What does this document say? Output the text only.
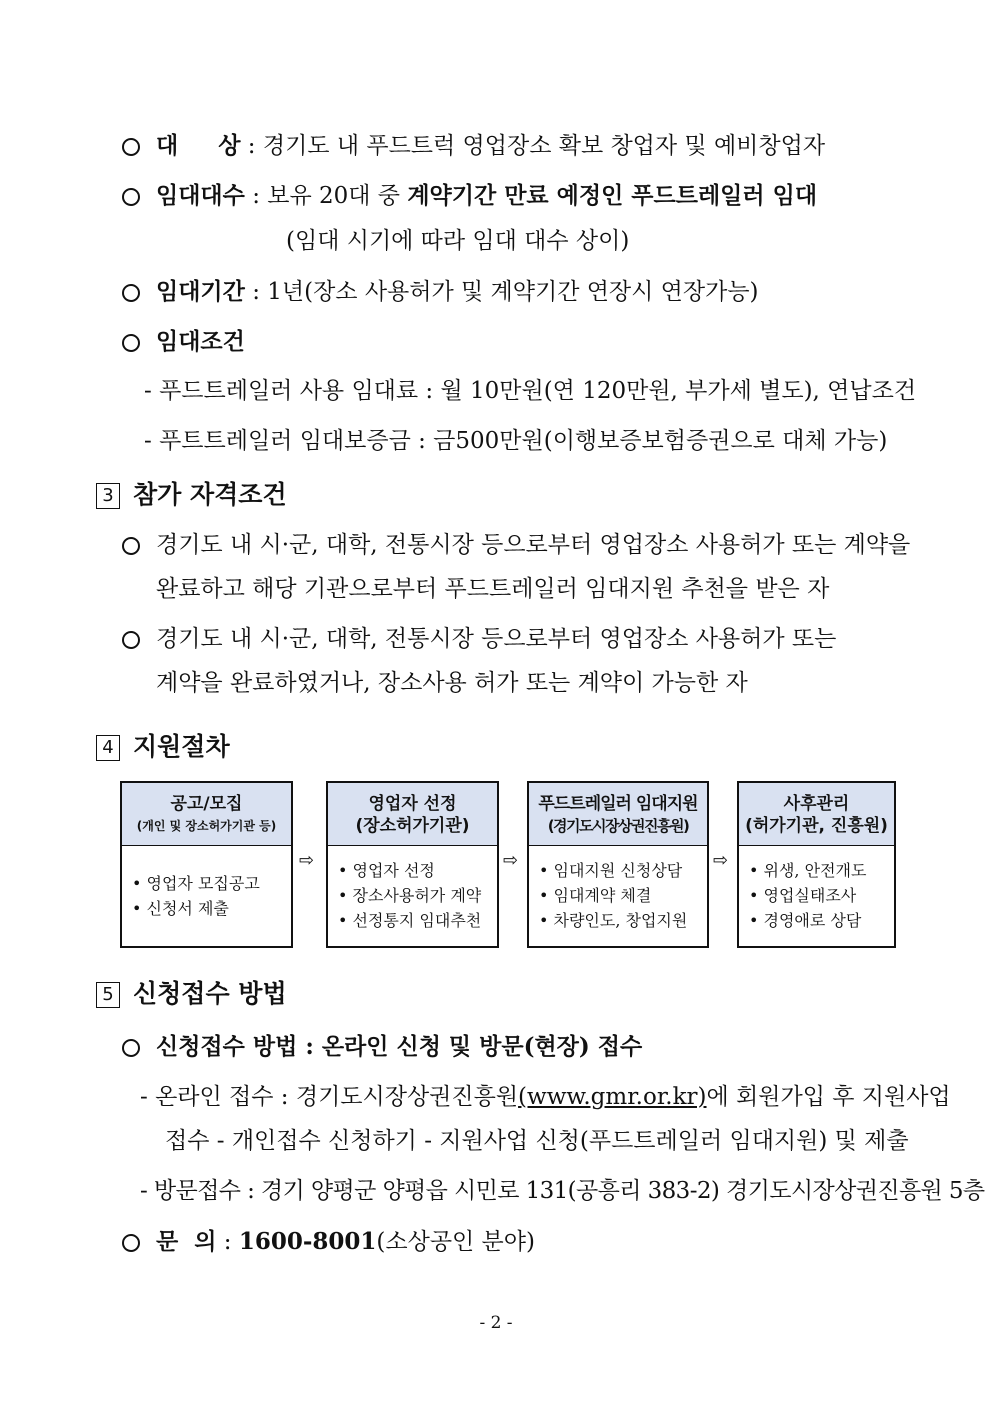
대     상 : 경기도 내 푸드트럭 영업장소 확보 창업자 및 예비창업자
임대대수 : 보유 20대 중 계약기간 만료 예정인 푸드트레일러 임대
(임대 시기에 따라 임대 대수 상이)
임대기간 : 1년(장소 사용허가 및 계약기간 연장시 연장가능)
임대조건
- 푸드트레일러 사용 임대료 : 월 10만원(연 120만원, 부가세 별도), 연납조건
- 푸트트레일러 임대보증금 : 금500만원(이행보증보험증권으로 대체 가능)
3 참가 자격조건
경기도 내 시·군, 대학, 전통시장 등으로부터 영업장소 사용허가 또는 계약을
완료하고 해당 기관으로부터 푸드트레일러 임대지원 추천을 받은 자
경기도 내 시·군, 대학, 전통시장 등으로부터 영업장소 사용허가 또는
계약을 완료하였거나, 장소사용 허가 또는 계약이 가능한 자
4 지원절차
공고/모집
(개인 및 장소허가기관 등)
• 영업자 모집공고
• 신청서 제출
⇨
영업자 선정
(장소허가기관)
• 영업자 선정
• 장소사용허가 계약
• 선정통지 임대추천
⇨
푸드트레일러 임대지원
(경기도시장상권진흥원)
• 임대지원 신청상담
• 임대계약 체결
• 차량인도, 창업지원
⇨
사후관리
(허가기관, 진흥원)
• 위생, 안전개도
• 영업실태조사
• 경영애로 상담
5 신청접수 방법
신청접수 방법 : 온라인 신청 및 방문(현장) 접수
- 온라인 접수 : 경기도시장상권진흥원(www.gmr.or.kr)에 회원가입 후 지원사업
접수 - 개인접수 신청하기 - 지원사업 신청(푸드트레일러 임대지원) 및 제출
- 방문접수 : 경기 양평군 양평읍 시민로 131(공흥리 383-2) 경기도시장상권진흥원 5층
문  의 : 1600-8001(소상공인 분야)
- 2 -
